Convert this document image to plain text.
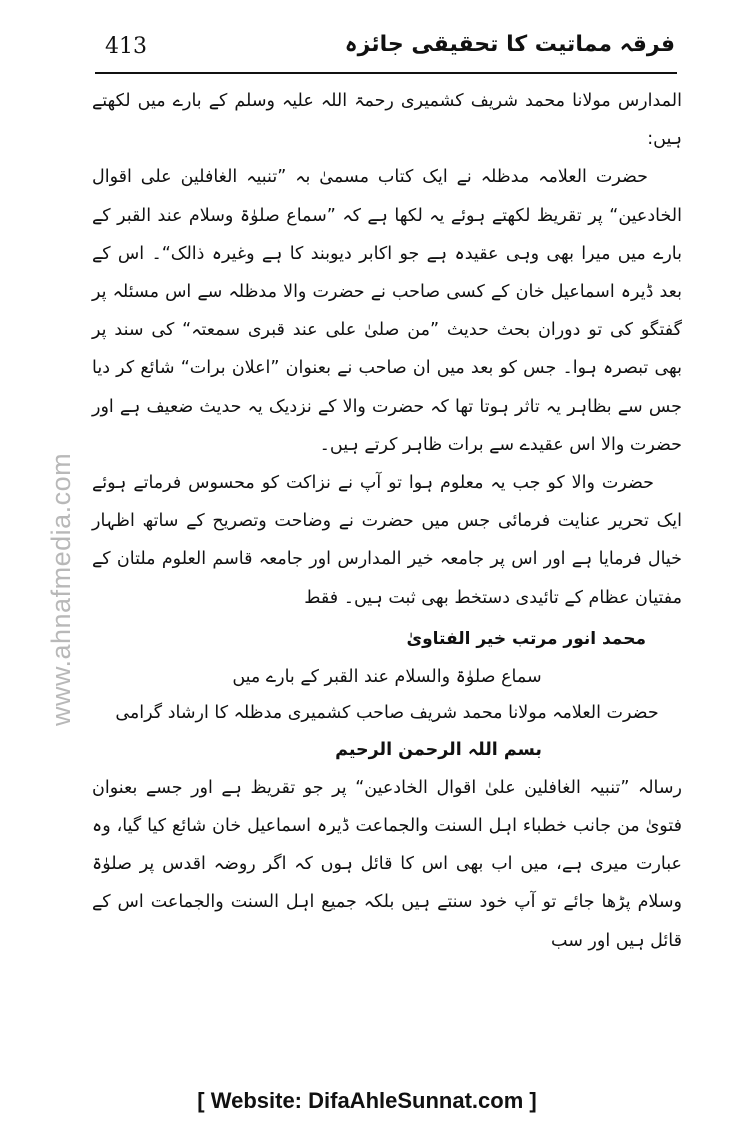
413	فرقہ مماتیت کا تحقیقی جائزہ
www.ahnafmedia.com

المدارس مولانا محمد شریف کشمیری رحمۃ اللہ علیہ وسلم کے بارے میں لکھتے ہیں:

حضرت العلامہ مدظلہ نے ایک کتاب مسمیٰ بہ ”تنبیہ الغافلین علی اقوال الخادعین“ پر تقریظ لکھتے ہوئے یہ لکھا ہے کہ ”سماع صلوٰۃ وسلام عند القبر کے بارے میں میرا بھی وہی عقیدہ ہے جو اکابر دیوبند کا ہے وغیرہ ذالک“۔ اس کے بعد ڈیرہ اسماعیل خان کے کسی صاحب نے حضرت والا مدظلہ سے اس مسئلہ پر گفتگو کی تو دوران بحث حدیث ”من صلیٰ علی عند قبری سمعتہ“ کی سند پر بھی تبصرہ ہوا۔ جس کو بعد میں ان صاحب نے بعنوان ”اعلان برات“ شائع کر دیا جس سے بظاہر یہ تاثر ہوتا تھا کہ حضرت والا کے نزدیک یہ حدیث ضعیف ہے اور حضرت والا اس عقیدے سے برات ظاہر کرتے ہیں۔

حضرت والا کو جب یہ معلوم ہوا تو آپ نے نزاکت کو محسوس فرماتے ہوئے ایک تحریر عنایت فرمائی جس میں حضرت نے وضاحت وتصریح کے ساتھ اظہار خیال فرمایا ہے اور اس پر جامعہ خیر المدارس اور جامعہ قاسم العلوم ملتان کے مفتیان عظام کے تائیدی دستخط بھی ثبت ہیں۔ فقط

محمد انور مرتب خیر الفتاویٰ

سماع صلوٰۃ والسلام عند القبر کے بارے میں

حضرت العلامہ مولانا محمد شریف صاحب کشمیری مدظلہ کا ارشاد گرامی

بسم اللہ الرحمن الرحیم

رسالہ ”تنبیہ الغافلین علیٰ اقوال الخادعین“ پر جو تقریظ ہے اور جسے بعنوان فتویٰ من جانب خطباء اہل السنت والجماعت ڈیرہ اسماعیل خان شائع کیا گیا، وہ عبارت میری ہے، میں اب بھی اس کا قائل ہوں کہ اگر روضہ اقدس پر صلوٰۃ وسلام پڑھا جائے تو آپ خود سنتے ہیں بلکہ جمیع اہل السنت والجماعت اس کے قائل ہیں اور سب

[ Website: DifaAhleSunnat.com ]
